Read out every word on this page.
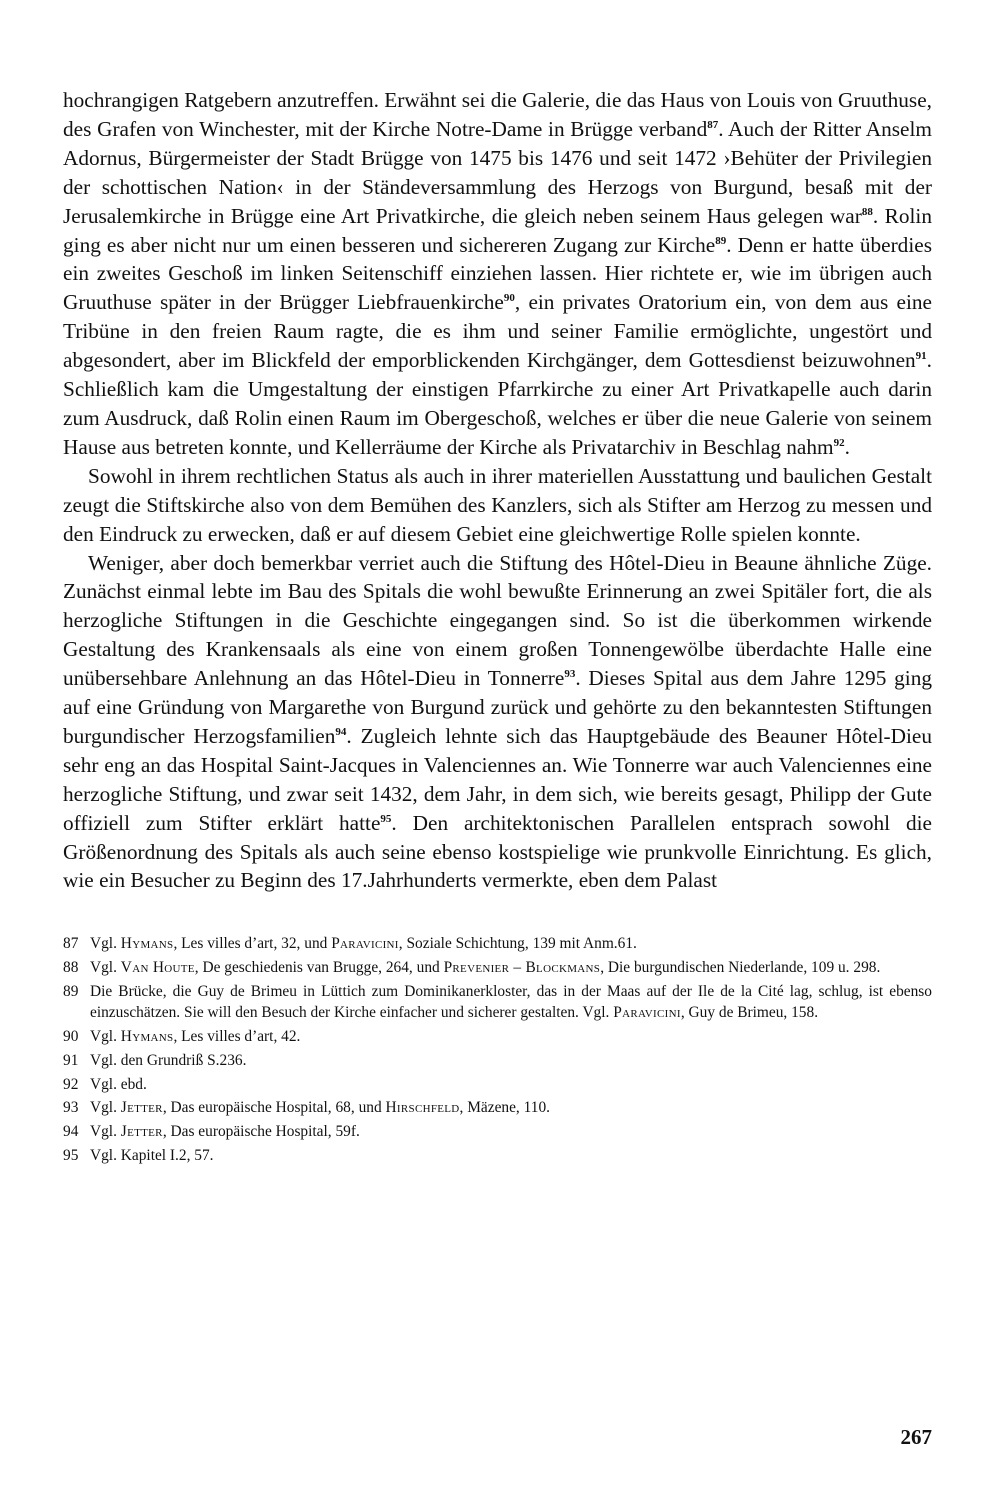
hochrangigen Ratgebern anzutreffen. Erwähnt sei die Galerie, die das Haus von Louis von Gruuthuse, des Grafen von Winchester, mit der Kirche Notre-Dame in Brügge verband$^{87}$. Auch der Ritter Anselm Adornus, Bürgermeister der Stadt Brügge von 1475 bis 1476 und seit 1472 ›Behüter der Privilegien der schottischen Nation‹ in der Ständeversammlung des Herzogs von Burgund, besaß mit der Jerusalemkirche in Brügge eine Art Privatkirche, die gleich neben seinem Haus gelegen war$^{88}$. Rolin ging es aber nicht nur um einen besseren und sichereren Zugang zur Kirche$^{89}$. Denn er hatte überdies ein zweites Geschoß im linken Seitenschiff einziehen lassen. Hier richtete er, wie im übrigen auch Gruuthuse später in der Brügger Liebfrauenkirche$^{90}$, ein privates Oratorium ein, von dem aus eine Tribüne in den freien Raum ragte, die es ihm und seiner Familie ermöglichte, ungestört und abgesondert, aber im Blickfeld der emporblickenden Kirchgänger, dem Gottesdienst beizuwohnen$^{91}$. Schließlich kam die Umgestaltung der einstigen Pfarrkirche zu einer Art Privatkapelle auch darin zum Ausdruck, daß Rolin einen Raum im Obergeschoß, welches er über die neue Galerie von seinem Hause aus betreten konnte, und Kellerräume der Kirche als Privatarchiv in Beschlag nahm$^{92}$.

Sowohl in ihrem rechtlichen Status als auch in ihrer materiellen Ausstattung und baulichen Gestalt zeugt die Stiftskirche also von dem Bemühen des Kanzlers, sich als Stifter am Herzog zu messen und den Eindruck zu erwecken, daß er auf diesem Gebiet eine gleichwertige Rolle spielen konnte.

Weniger, aber doch bemerkbar verriet auch die Stiftung des Hôtel-Dieu in Beaune ähnliche Züge. Zunächst einmal lebte im Bau des Spitals die wohl bewußte Erinnerung an zwei Spitäler fort, die als herzogliche Stiftungen in die Geschichte eingegangen sind. So ist die überkommen wirkende Gestaltung des Krankensaals als eine von einem großen Tonnengewölbe überdachte Halle eine unübersehbare Anlehnung an das Hôtel-Dieu in Tonnerre$^{93}$. Dieses Spital aus dem Jahre 1295 ging auf eine Gründung von Margarethe von Burgund zurück und gehörte zu den bekanntesten Stiftungen burgundischer Herzogsfamilien$^{94}$. Zugleich lehnte sich das Hauptgebäude des Beauner Hôtel-Dieu sehr eng an das Hospital Saint-Jacques in Valenciennes an. Wie Tonnerre war auch Valenciennes eine herzogliche Stiftung, und zwar seit 1432, dem Jahr, in dem sich, wie bereits gesagt, Philipp der Gute offiziell zum Stifter erklärt hatte$^{95}$. Den architektonischen Parallelen entsprach sowohl die Größenordnung des Spitals als auch seine ebenso kostspielige wie prunkvolle Einrichtung. Es glich, wie ein Besucher zu Beginn des 17.Jahrhunderts vermerkte, eben dem Palast

87 Vgl. Hymans, Les villes d’art, 32, und Paravicini, Soziale Schichtung, 139 mit Anm.61.
88 Vgl. Van Houte, De geschiedenis van Brugge, 264, und Prevenier – Blockmans, Die burgundischen Niederlande, 109 u. 298.
89 Die Brücke, die Guy de Brimeu in Lüttich zum Dominikanerkloster, das in der Maas auf der Ile de la Cité lag, schlug, ist ebenso einzuschätzen. Sie will den Besuch der Kirche einfacher und sicherer gestalten. Vgl. Paravicini, Guy de Brimeu, 158.
90 Vgl. Hymans, Les villes d’art, 42.
91 Vgl. den Grundriß S.236.
92 Vgl. ebd.
93 Vgl. Jetter, Das europäische Hospital, 68, und Hirschfeld, Mäzene, 110.
94 Vgl. Jetter, Das europäische Hospital, 59f.
95 Vgl. Kapitel I.2, 57.
267
